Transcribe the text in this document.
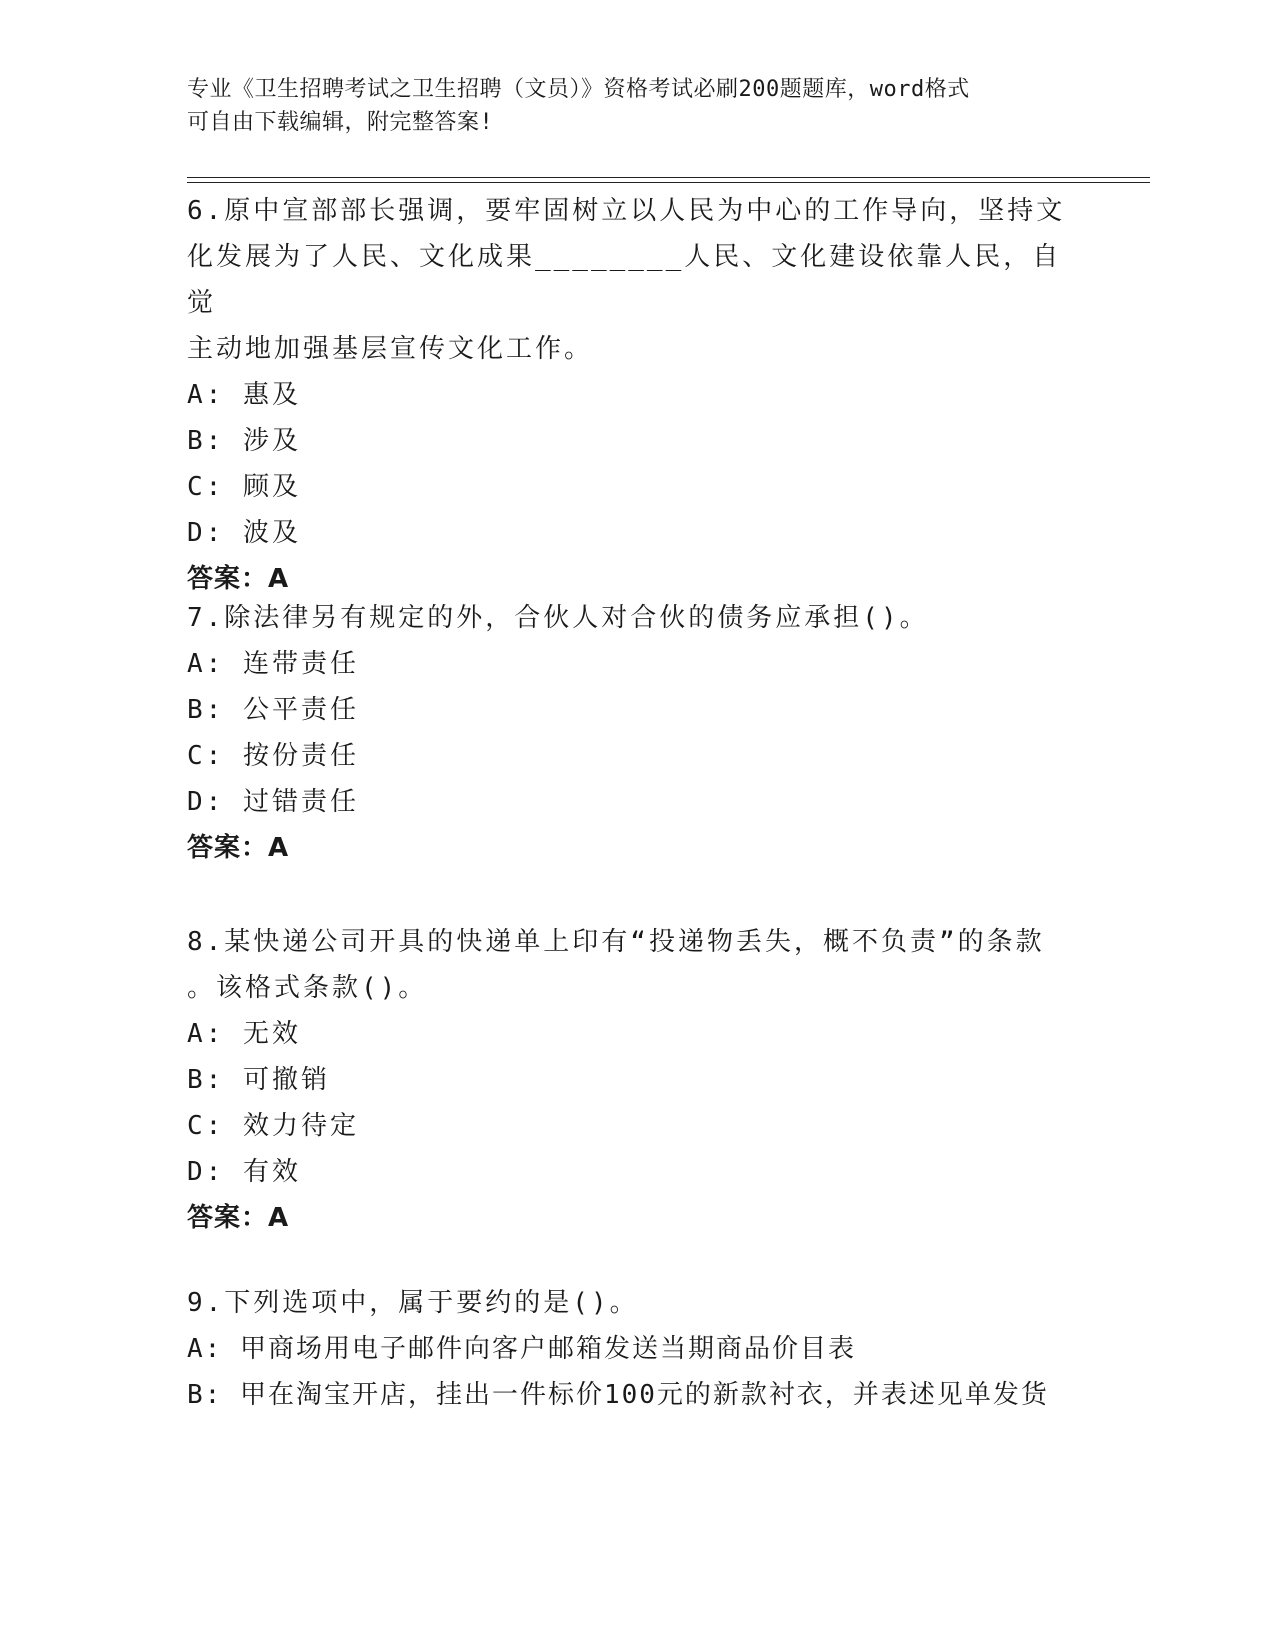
专业《卫生招聘考试之卫生招聘（文员）》资格考试必刷200题题库，word格式
可自由下载编辑，附完整答案!
6.原中宣部部长强调，要牢固树立以人民为中心的工作导向，坚持文
化发展为了人民、文化成果________人民、文化建设依靠人民，自觉
主动地加强基层宣传文化工作。
A: 惠及
B: 涉及
C: 顾及
D: 波及
答案：A
7.除法律另有规定的外，合伙人对合伙的债务应承担()。
A: 连带责任
B: 公平责任
C: 按份责任
D: 过错责任
答案：A
8.某快递公司开具的快递单上印有“投递物丢失，概不负责”的条款
。该格式条款()。
A: 无效
B: 可撤销
C: 效力待定
D: 有效
答案：A
9.下列选项中，属于要约的是()。
A: 甲商场用电子邮件向客户邮箱发送当期商品价目表
B: 甲在淘宝开店，挂出一件标价100元的新款衬衣，并表述见单发货
